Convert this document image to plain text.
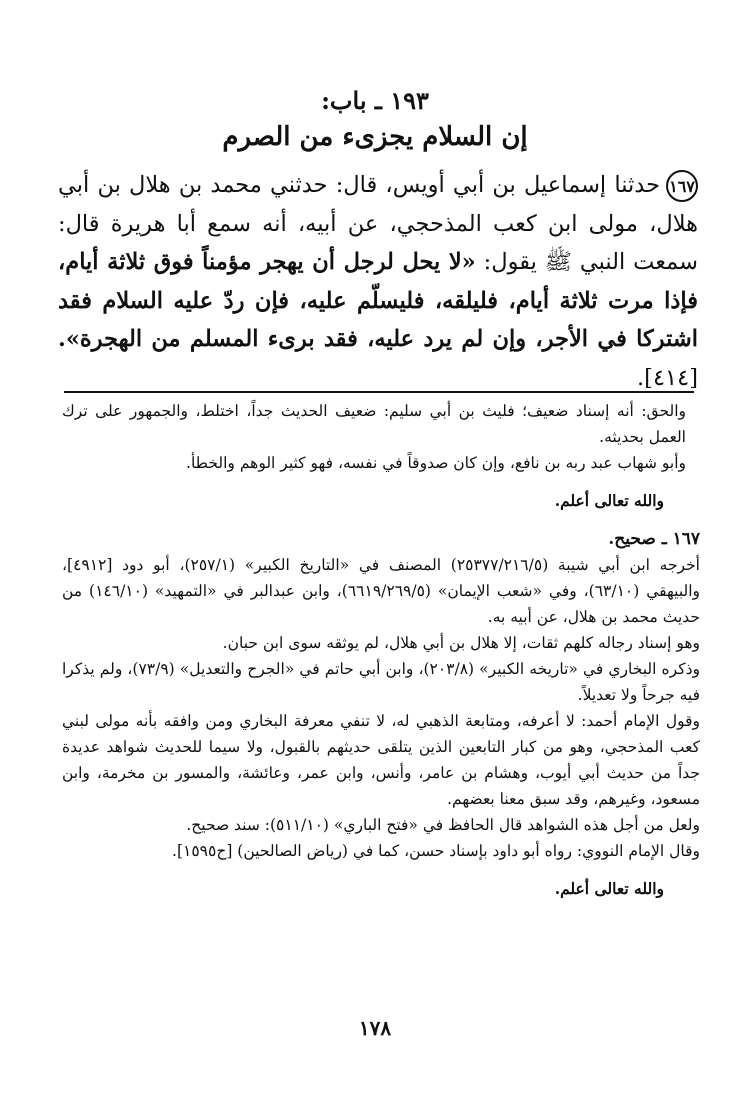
١٩٣ ـ باب:
إن السلام يجزىء من الصرم
١٦٧حدثنا إسماعيل بن أبي أويس، قال: حدثني محمد بن هلال بن أبي هلال، مولى ابن كعب المذحجي، عن أبيه، أنه سمع أبا هريرة قال: سمعت النبي ﷺ يقول: «لا يحل لرجل أن يهجر مؤمناً فوق ثلاثة أيام، فإذا مرت ثلاثة أيام، فليلقه، فليسلّم عليه، فإن ردّ عليه السلام فقد اشتركا في الأجر، وإن لم يرد عليه، فقد برىء المسلم من الهجرة». [٤١٤].

والحق: أنه إسناد ضعيف؛ فليث بن أبي سليم: ضعيف الحديث جداً، اختلط، والجمهور على ترك العمل بحديثه.

وأبو شهاب عبد ربه بن نافع، وإن كان صدوقاً في نفسه، فهو كثير الوهم والخطأ.

والله تعالى أعلم.

١٦٧ ـ صحيح.

أخرجه ابن أبي شيبة (٢٥٣٧٧/٢١٦/٥) المصنف في «التاريخ الكبير» (٢٥٧/١)، أبو دود [٤٩١٢]، والبيهقي (٦٣/١٠)، وفي «شعب الإيمان» (٦٦١٩/٢٦٩/٥)، وابن عبدالبر في «التمهيد» (١٤٦/١٠) من حديث محمد بن هلال، عن أبيه به.

وهو إسناد رجاله كلهم ثقات، إلا هلال بن أبي هلال، لم يوثقه سوى ابن حبان.

وذكره البخاري في «تاريخه الكبير» (٢٠٣/٨)، وابن أبي حاتم في «الجرح والتعديل» (٧٣/٩)، ولم يذكرا فيه جرحاً ولا تعديلاً.

وقول الإمام أحمد: لا أعرفه، ومتابعة الذهبي له، لا تنفي معرفة البخاري ومن وافقه بأنه مولى لبني كعب المذحجي، وهو من كبار التابعين الذين يتلقى حديثهم بالقبول، ولا سيما للحديث شواهد عديدة جداً من حديث أبي أيوب، وهشام بن عامر، وأنس، وابن عمر، وعائشة، والمسور بن مخرمة، وابن مسعود، وغيرهم، وقد سبق معنا بعضهم.

ولعل من أجل هذه الشواهد قال الحافظ في «فتح الباري» (٥١١/١٠): سند صحيح.

وقال الإمام النووي: رواه أبو داود بإسناد حسن، كما في (رياض الصالحين) [ح١٥٩٥].

والله تعالى أعلم.

١٧٨
